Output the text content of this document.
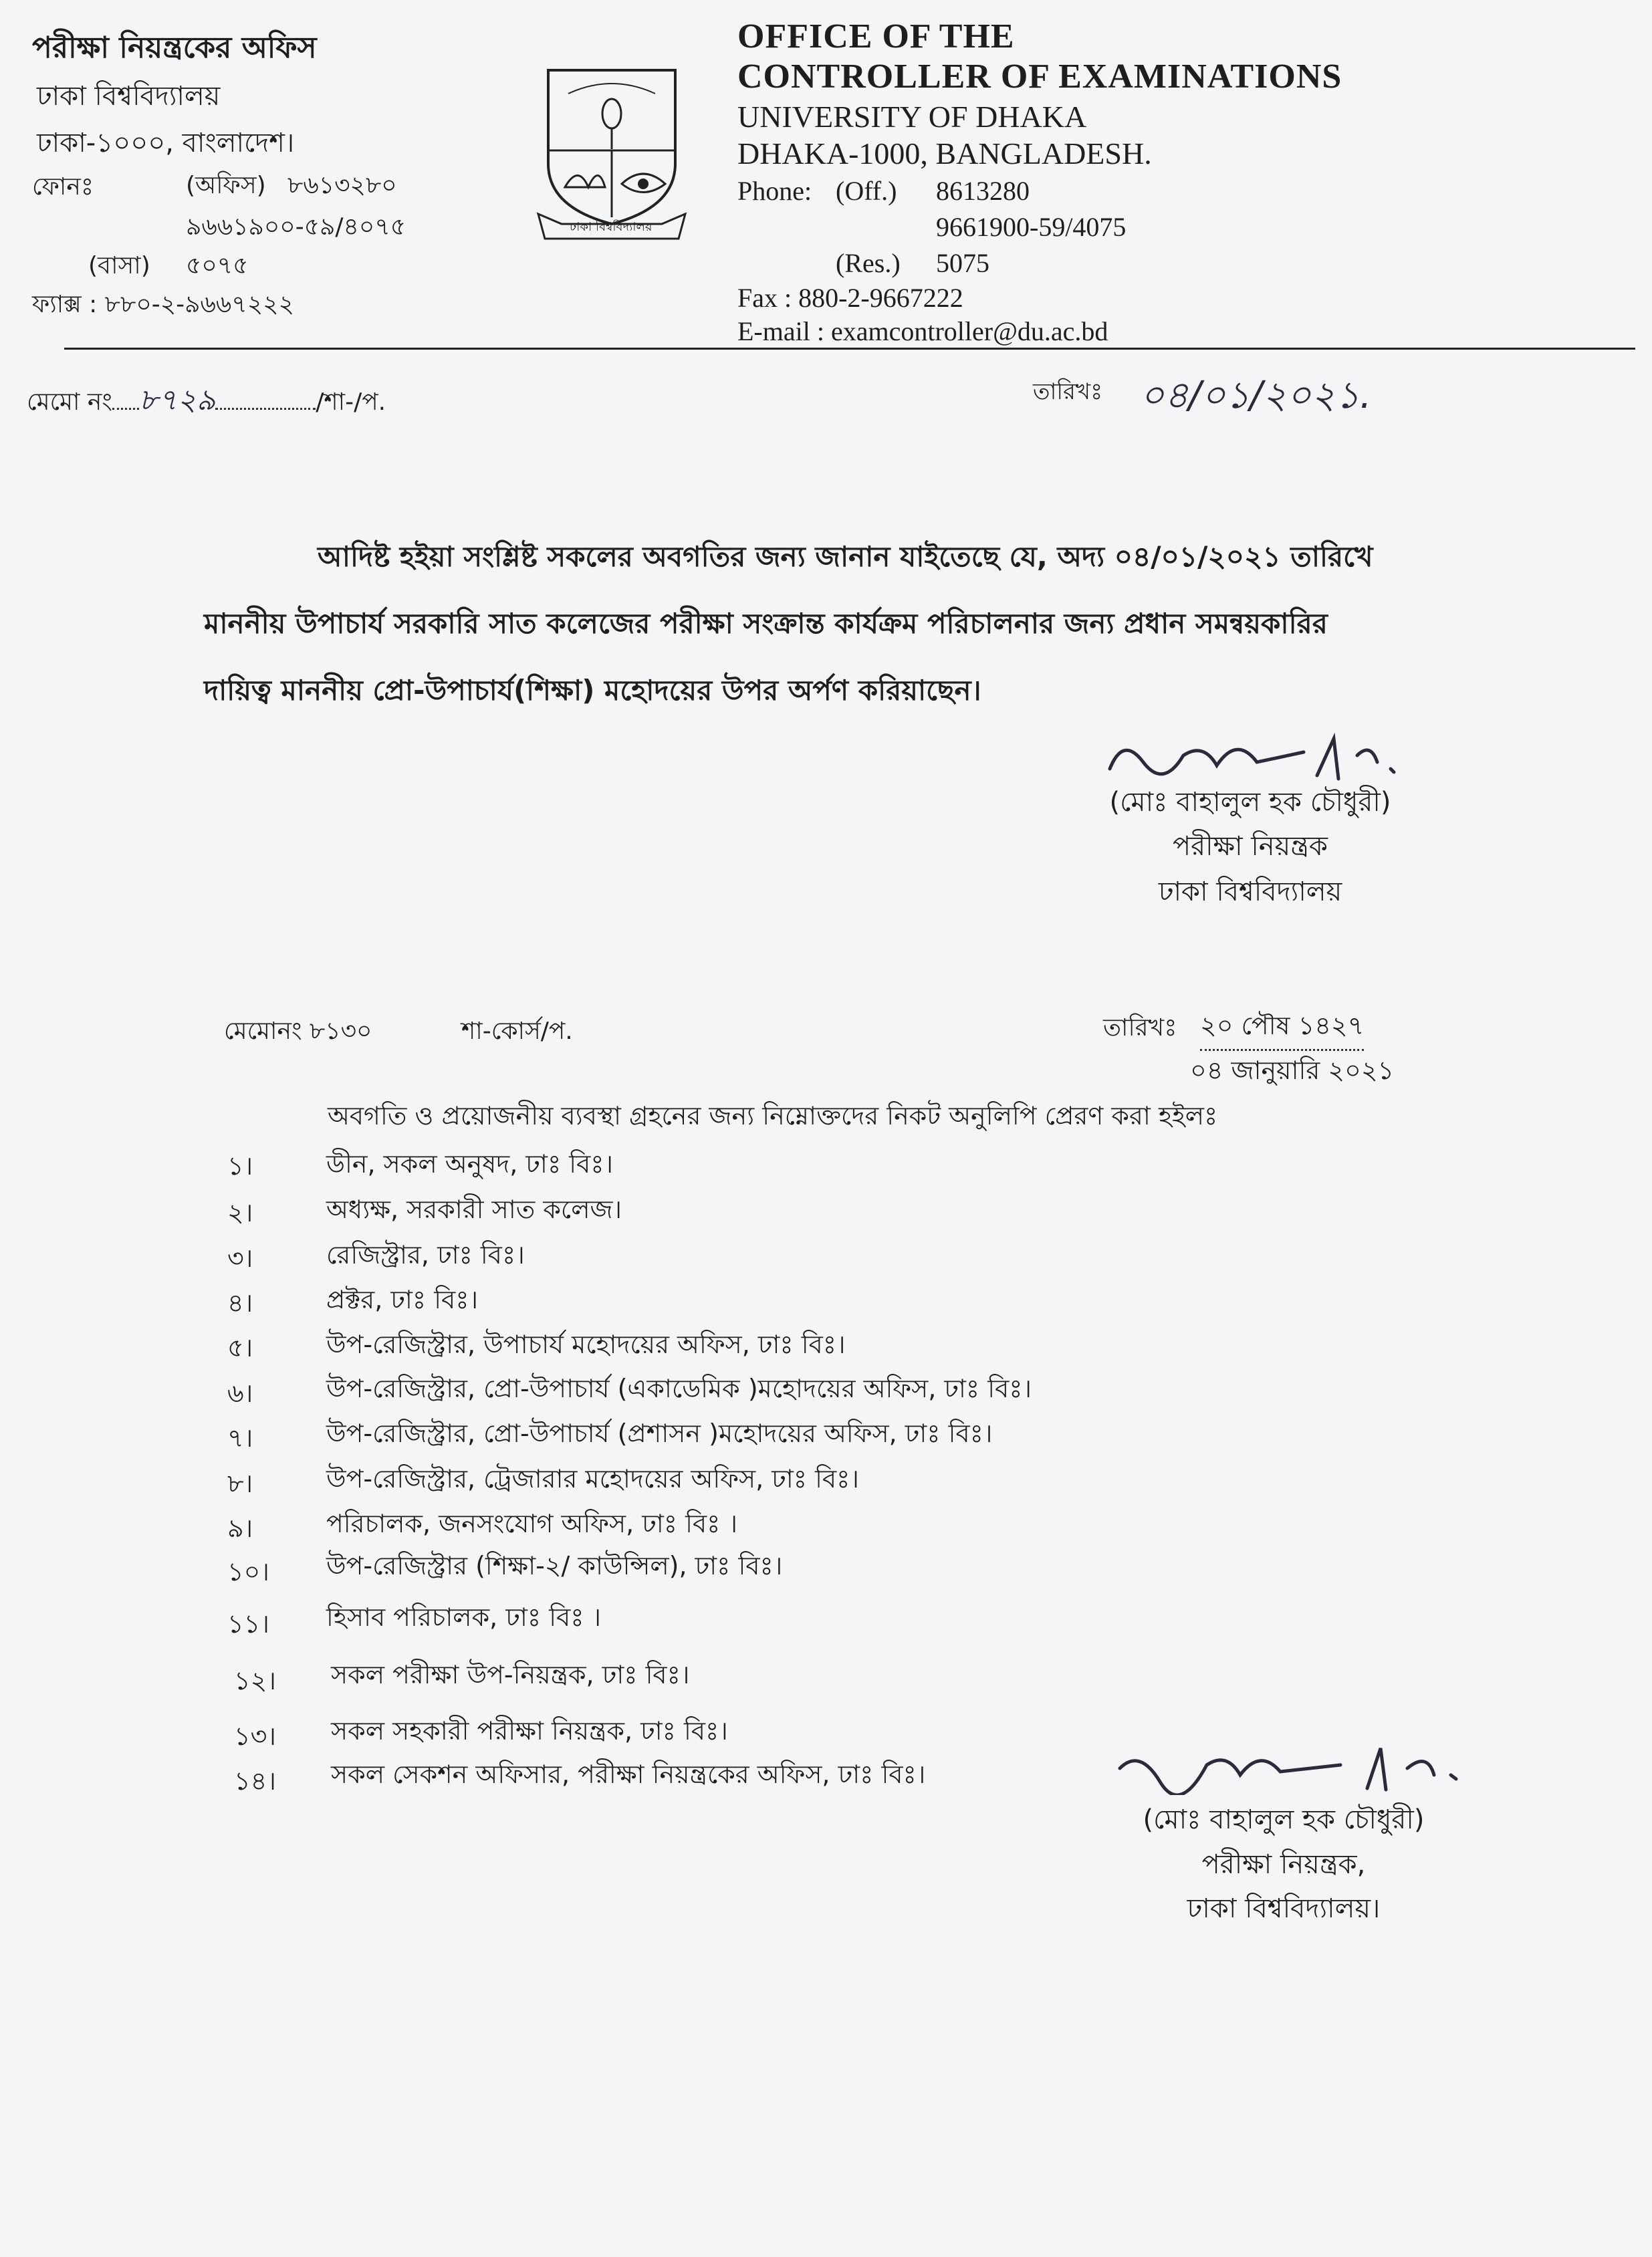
পরীক্ষা নিয়ন্ত্রকের অফিস
ঢাকা বিশ্ববিদ্যালয়
ঢাকা-১০০০, বাংলাদেশ।
ফোনঃ	(অফিস) ৮৬১৩২৮০
৯৬৬১৯০০-৫৯/৪০৭৫
(বাসা) ৫০৭৫
ফ্যাক্স : ৮৮০-২-৯৬৬৭২২২
ঢাকা বিশ্ববিদ্যালয়
OFFICE OF THE
CONTROLLER OF EXAMINATIONS
UNIVERSITY OF DHAKA
DHAKA-1000, BANGLADESH.
Phone: (Off.) 8613280
9661900-59/4075
(Res.) 5075
Fax : 880-2-9667222
E-mail : examcontroller@du.ac.bd
মেমো নং ৮৭২৯	/শা-/প.	তারিখঃ ০৪/০১/২০২১.
আদিষ্ট হইয়া সংশ্লিষ্ট সকলের অবগতির জন্য জানান যাইতেছে যে, অদ্য ০৪/০১/২০২১ তারিখে
মাননীয় উপাচার্য সরকারি সাত কলেজের পরীক্ষা সংক্রান্ত কার্যক্রম পরিচালনার জন্য প্রধান সমন্বয়কারির
দায়িত্ব মাননীয় প্রো-উপাচার্য(শিক্ষা) মহোদয়ের উপর অর্পণ করিয়াছেন।
(মোঃ বাহালুল হক চৌধুরী)
পরীক্ষা নিয়ন্ত্রক
ঢাকা বিশ্ববিদ্যালয়
মেমোনং ৮১৩০	শা-কোর্স/প.	তারিখঃ ২০ পৌষ ১৪২৭
০৪ জানুয়ারি ২০২১
অবগতি ও প্রয়োজনীয় ব্যবস্থা গ্রহনের জন্য নিম্নোক্তদের নিকট অনুলিপি প্রেরণ করা হইলঃ
১।	ডীন, সকল অনুষদ, ঢাঃ বিঃ।
২।	অধ্যক্ষ, সরকারী সাত কলেজ।
৩।	রেজিস্ট্রার, ঢাঃ বিঃ।
৪।	প্রক্টর, ঢাঃ বিঃ।
৫।	উপ-রেজিস্ট্রার, উপাচার্য মহোদয়ের অফিস, ঢাঃ বিঃ।
৬।	উপ-রেজিস্ট্রার, প্রো-উপাচার্য (একাডেমিক )মহোদয়ের অফিস, ঢাঃ বিঃ।
৭।	উপ-রেজিস্ট্রার, প্রো-উপাচার্য (প্রশাসন )মহোদয়ের অফিস, ঢাঃ বিঃ।
৮।	উপ-রেজিস্ট্রার, ট্রেজারার মহোদয়ের অফিস, ঢাঃ বিঃ।
৯।	পরিচালক, জনসংযোগ অফিস, ঢাঃ বিঃ ।
১০। উপ-রেজিস্ট্রার (শিক্ষা-২/ কাউন্সিল), ঢাঃ বিঃ।
১১। হিসাব পরিচালক, ঢাঃ বিঃ ।
১২। সকল পরীক্ষা উপ-নিয়ন্ত্রক, ঢাঃ বিঃ।
১৩। সকল সহকারী পরীক্ষা নিয়ন্ত্রক, ঢাঃ বিঃ।
১৪। সকল সেকশন অফিসার, পরীক্ষা নিয়ন্ত্রকের অফিস, ঢাঃ বিঃ।
(মোঃ বাহালুল হক চৌধুরী)
পরীক্ষা নিয়ন্ত্রক,
ঢাকা বিশ্ববিদ্যালয়।
